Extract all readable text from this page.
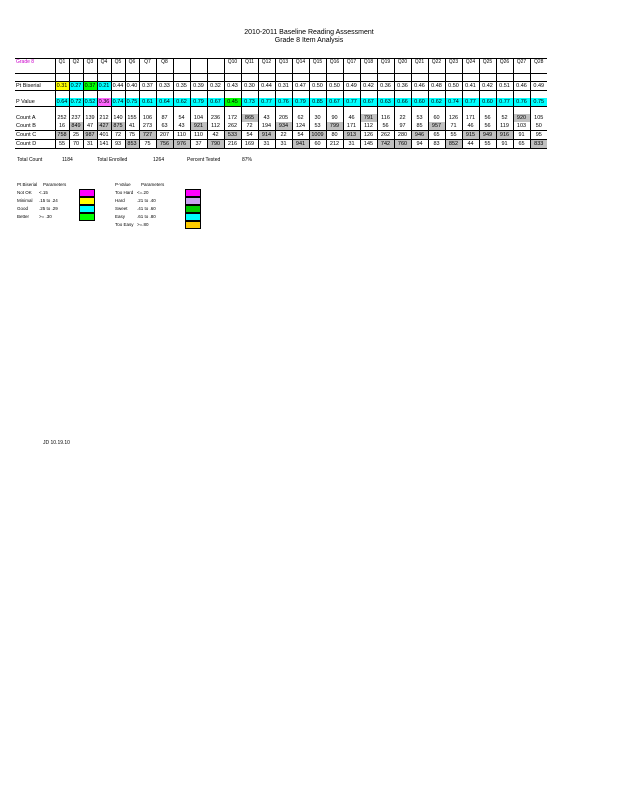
2010-2011 Baseline Reading Assessment
Grade 8 Item Analysis
Grade 8	Q1	Q2	Q3	Q4	Q5	Q6	Q7	Q8				Q10	Q11	Q12	Q13	Q14	Q15	Q16	Q17	Q18	Q19	Q20	Q21	Q22	Q23	Q24	Q25	Q26	Q27	Q28

Pt Biserial	0.31	0.27	0.37	0.21	0.44	0.40	0.37	0.33	0.35	0.39	0.32	0.43	0.30	0.44	0.31	0.47	0.50	0.50	0.49	0.42	0.36	0.36	0.46	0.48	0.50	0.41	0.42	0.51	0.46	0.49

P Value	0.64	0.72	0.52	0.36	0.74	0.75	0.61	0.64	0.62	0.79	0.67	0.45	0.73	0.77	0.76	0.79	0.85	0.67	0.77	0.67	0.63	0.66	0.60	0.62	0.74	0.77	0.60	0.77	0.76	0.75

Count A	252	237	139	212	140	155	106	87	54	104	236	172	865	43	205	62	30	90	46	791	116	22	53	60	126	171	56	52	920	105
Count B	16	849	47	427	875	41	273	63	43	921	112	262	72	194	934	124	53	799	171	112	56	97	85	957	71	46	56	119	103	50
Count C	758	25	987	401	72	75	727	207	110	110	42	533	54	914	22	54	1009	80	913	126	262	280	946	65	55	915	949	916	91	95
Count D	55	70	31	141	93	853	75	756	976	37	790	216	169	31	31	941	60	212	31	145	742	760	94	83	852	44	55	91	65	833
Total Count	1184	Total Enrolled	1264	Percent Tested	87%
Pt Biserial Parameters
Not OK <.15
Minimal .15 to .24
Good .25 to .29
Better >= .30
P-Value Parameters
Too Hard <=.20
Hard	.21 to .40
Sweet .41 to .60
Easy	.61 to .80
Too Easy >=.80
JD 10.19.10
